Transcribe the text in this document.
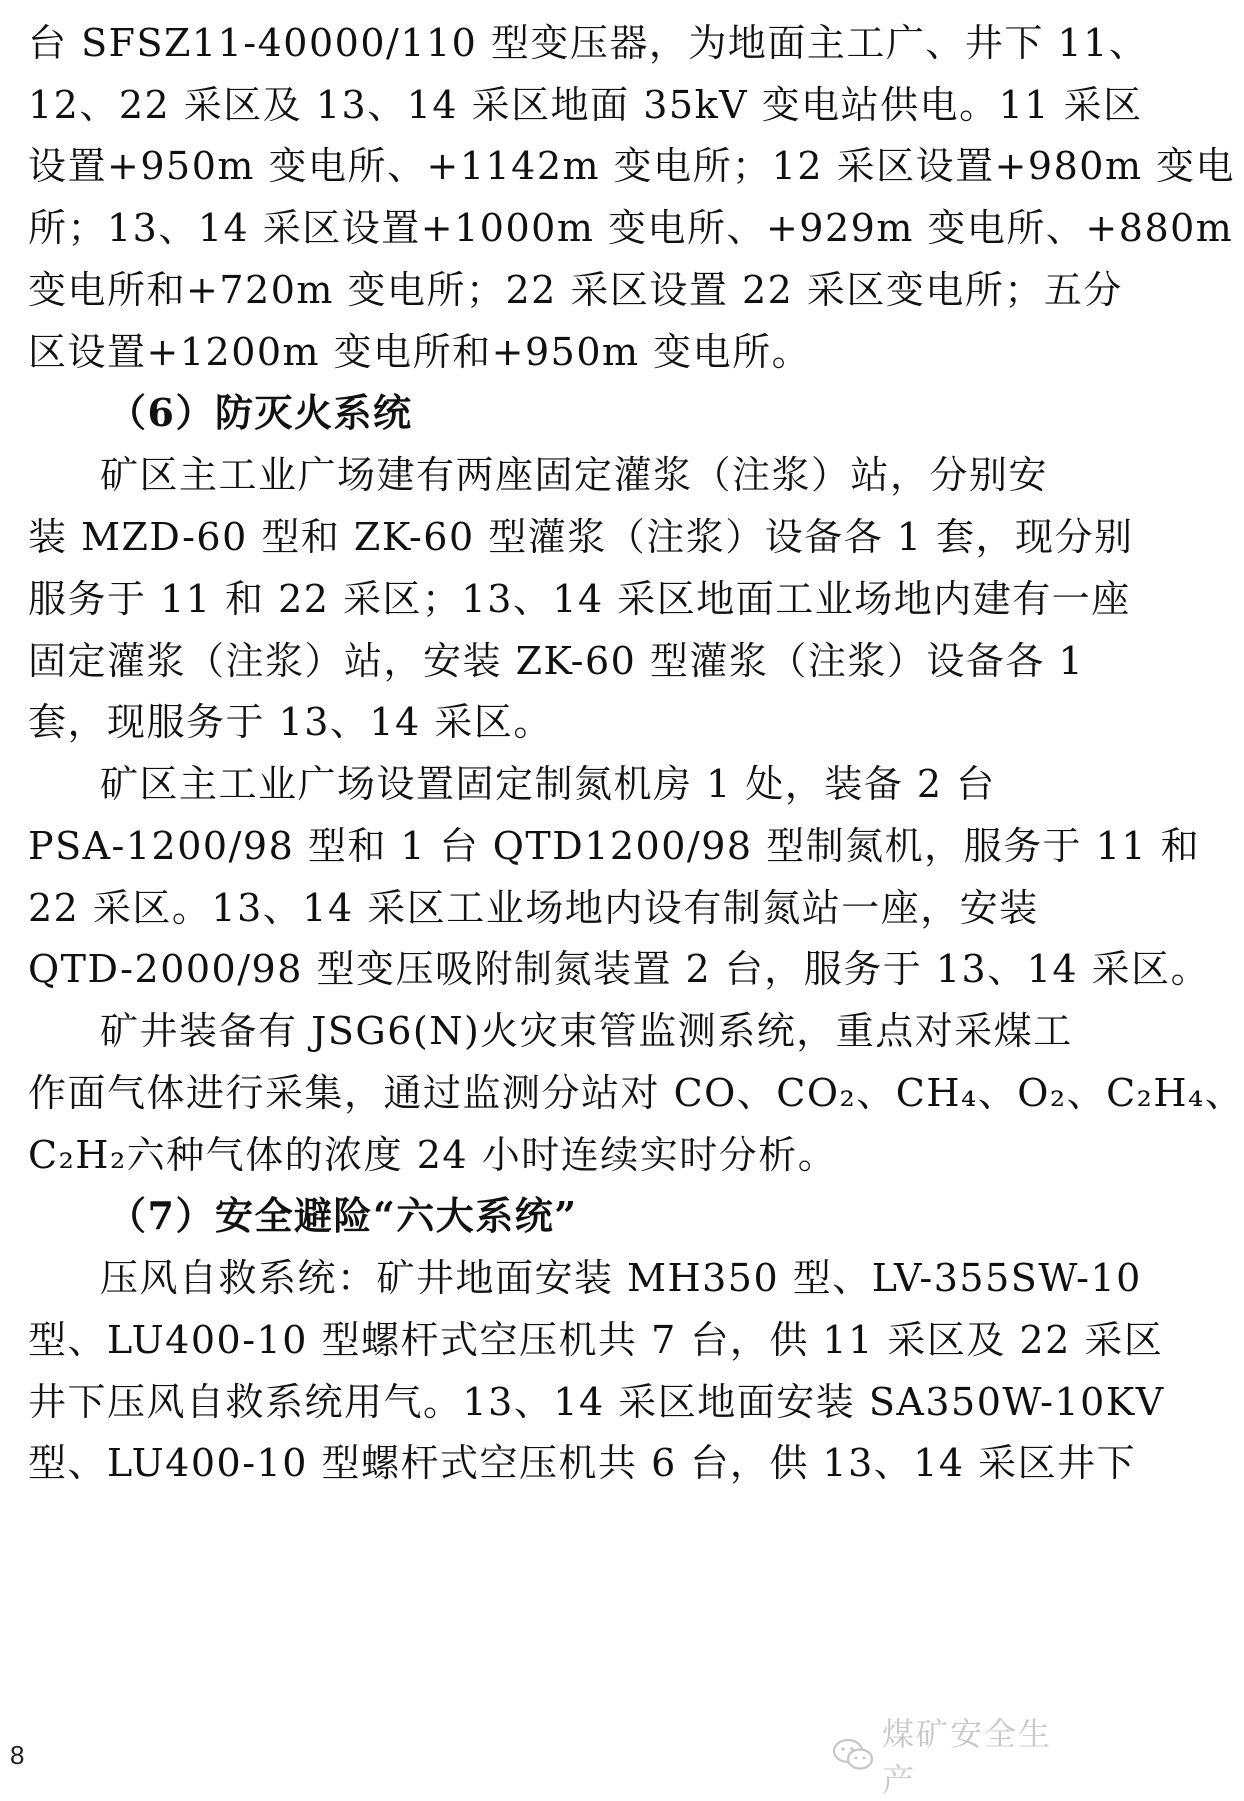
台 SFSZ11-40000/110 型变压器，为地面主工广、井下 11、
12、22 采区及 13、14 采区地面 35kV 变电站供电。11 采区
设置+950m 变电所、+1142m 变电所；12 采区设置+980m 变电
所；13、14 采区设置+1000m 变电所、+929m 变电所、+880m
变电所和+720m 变电所；22 采区设置 22 采区变电所；五分
区设置+1200m 变电所和+950m 变电所。
（6）防灭火系统
矿区主工业广场建有两座固定灌浆（注浆）站，分别安
装 MZD-60 型和 ZK-60 型灌浆（注浆）设备各 1 套，现分别
服务于 11 和 22 采区；13、14 采区地面工业场地内建有一座
固定灌浆（注浆）站，安装 ZK-60 型灌浆（注浆）设备各 1
套，现服务于 13、14 采区。
矿区主工业广场设置固定制氮机房 1 处，装备 2 台
PSA-1200/98 型和 1 台 QTD1200/98 型制氮机，服务于 11 和
22 采区。13、14 采区工业场地内设有制氮站一座，安装
QTD-2000/98 型变压吸附制氮装置 2 台，服务于 13、14 采区。
矿井装备有 JSG6(N)火灾束管监测系统，重点对采煤工
作面气体进行采集，通过监测分站对 CO、CO₂、CH₄、O₂、C₂H₄、
C₂H₂六种气体的浓度 24 小时连续实时分析。
（7）安全避险“六大系统”
压风自救系统：矿井地面安装 MH350 型、LV-355SW-10
型、LU400-10 型螺杆式空压机共 7 台，供 11 采区及 22 采区
井下压风自救系统用气。13、14 采区地面安装 SA350W-10KV
型、LU400-10 型螺杆式空压机共 6 台，供 13、14 采区井下
8
煤矿安全生产
